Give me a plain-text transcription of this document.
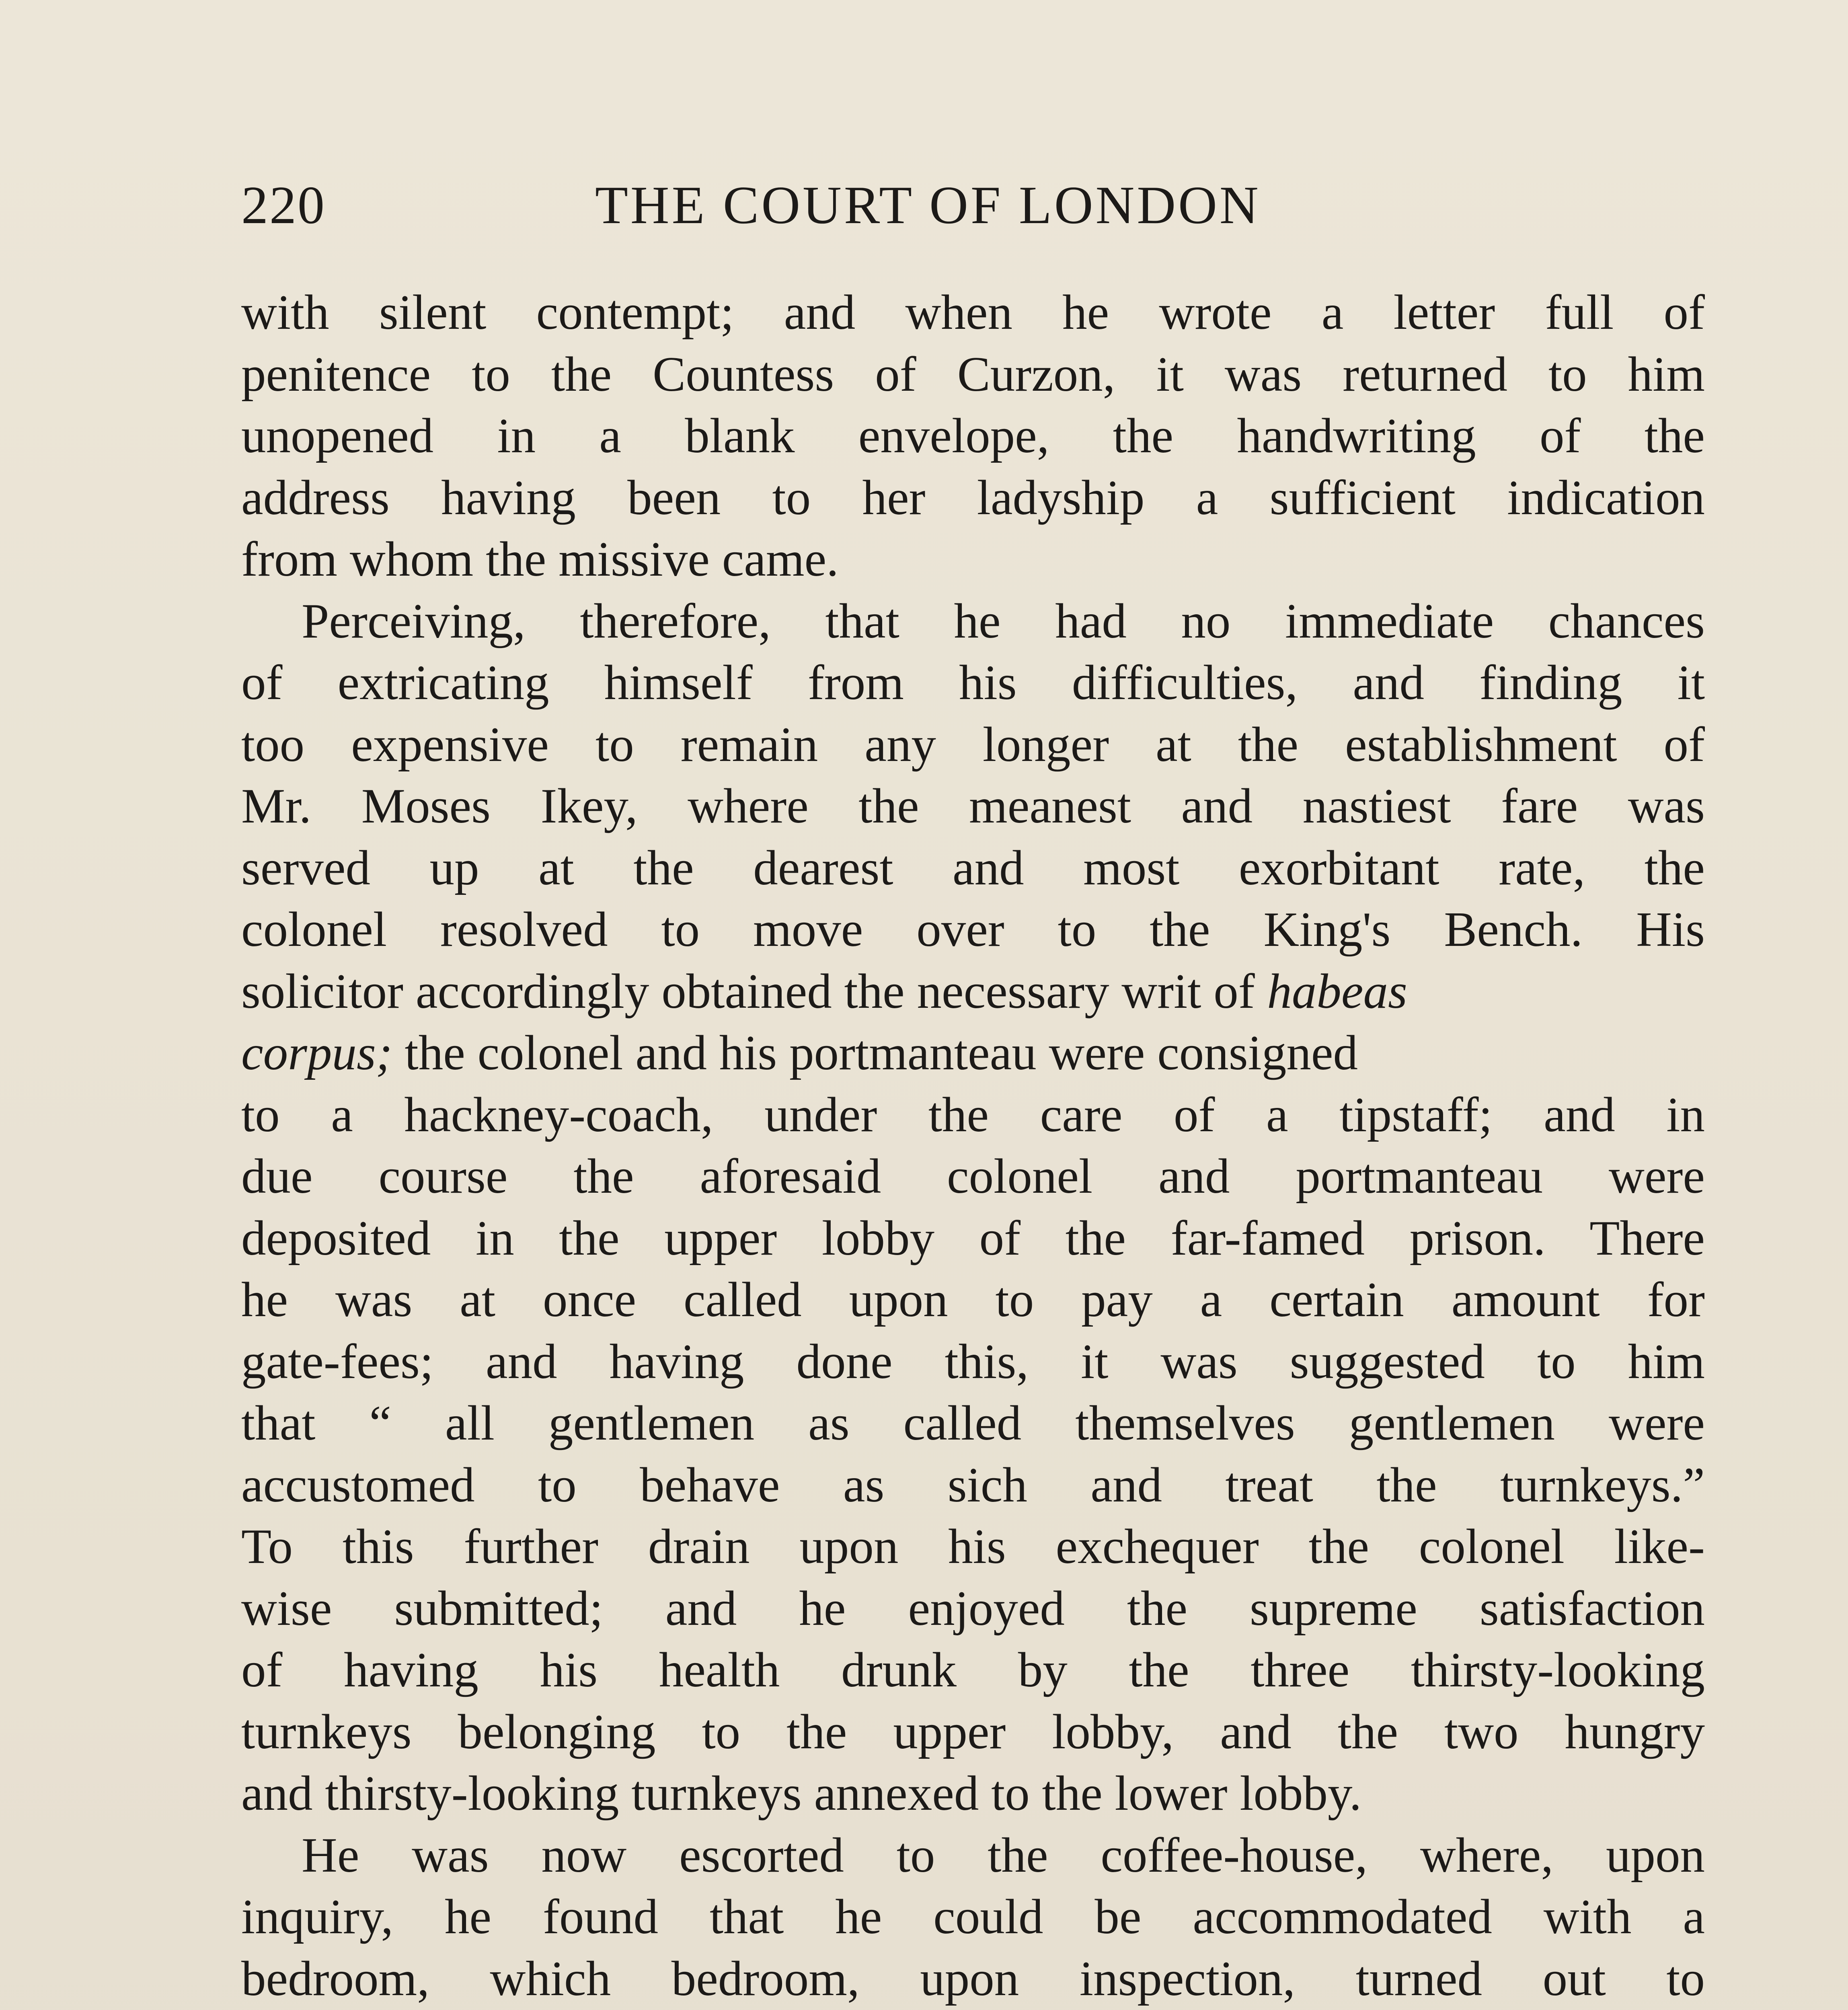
220	THE COURT OF LONDON
with silent contempt; and when he wrote a letter full of
penitence to the Countess of Curzon, it was returned to him
unopened in a blank envelope, the handwriting of the
address having been to her ladyship a sufficient indication
from whom the missive came.
Perceiving, therefore, that he had no immediate chances
of extricating himself from his difficulties, and finding it
too expensive to remain any longer at the establishment of
Mr. Moses Ikey, where the meanest and nastiest fare was
served up at the dearest and most exorbitant rate, the
colonel resolved to move over to the King's Bench. His
solicitor accordingly obtained the necessary writ of habeas
corpus; the colonel and his portmanteau were consigned
to a hackney-coach, under the care of a tipstaff; and in
due course the aforesaid colonel and portmanteau were
deposited in the upper lobby of the far-famed prison. There
he was at once called upon to pay a certain amount for
gate-fees; and having done this, it was suggested to him
that “ all gentlemen as called themselves gentlemen were
accustomed to behave as sich and treat the turnkeys.”
To this further drain upon his exchequer the colonel like-
wise submitted; and he enjoyed the supreme satisfaction
of having his health drunk by the three thirsty-looking
turnkeys belonging to the upper lobby, and the two hungry
and thirsty-looking turnkeys annexed to the lower lobby.
He was now escorted to the coffee-house, where, upon
inquiry, he found that he could be accommodated with a
bedroom, which bedroom, upon inspection, turned out to
